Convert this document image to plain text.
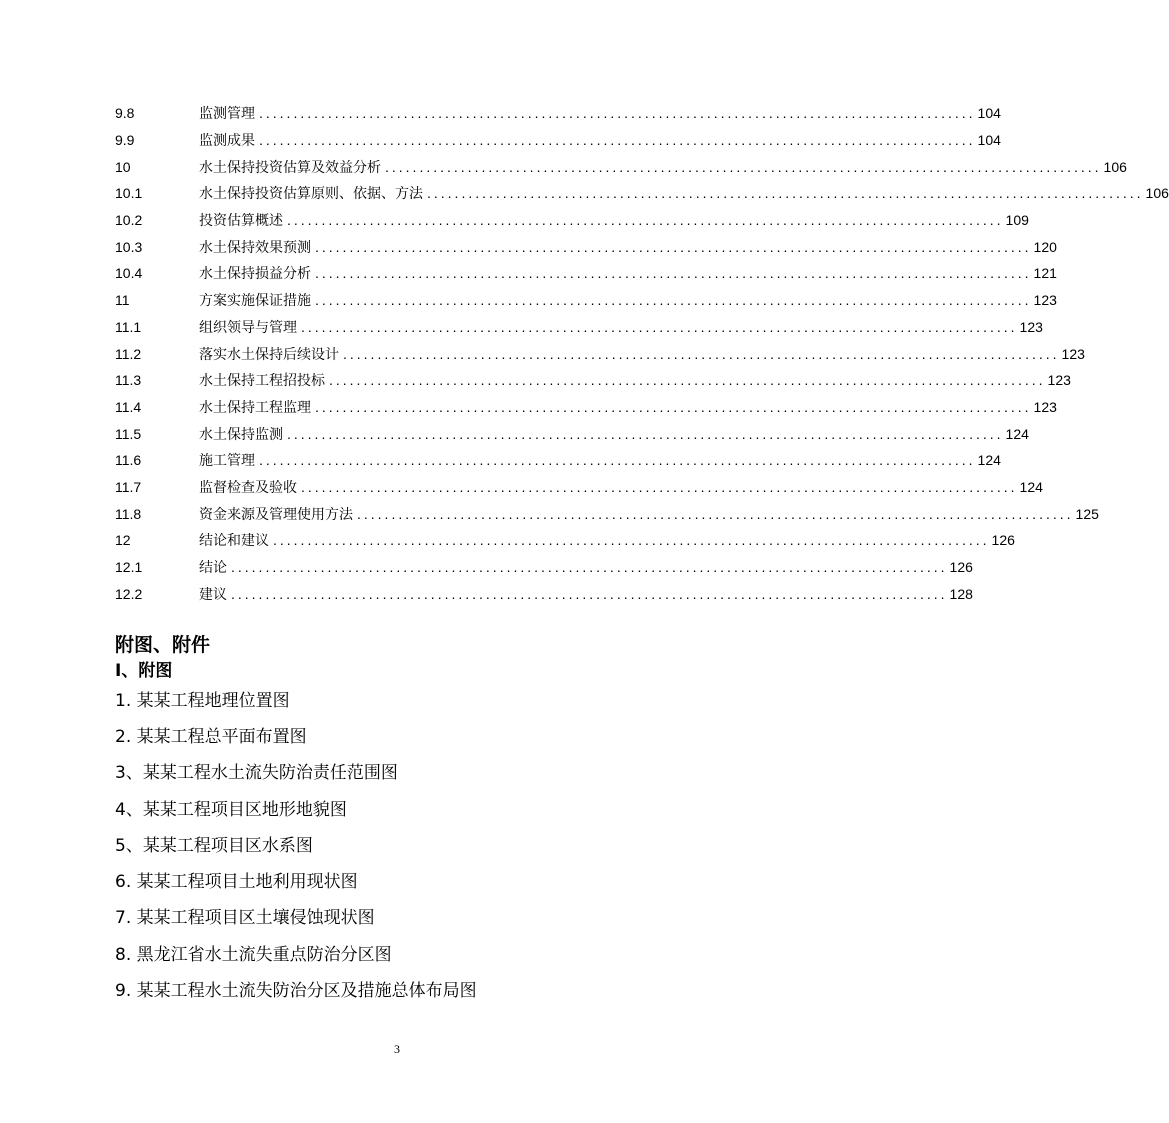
9.8	监测管理 ........................................................................................................ 104
9.9	监测成果 ........................................................................................................ 104
10	水土保持投资估算及效益分析 ........................................................................................................ 106
10.1	水土保持投资估算原则、依据、方法 ........................................................................................................ 106
10.2	投资估算概述 ........................................................................................................ 109
10.3	水土保持效果预测 ........................................................................................................ 120
10.4	水土保持损益分析 ........................................................................................................ 121
11	方案实施保证措施 ........................................................................................................ 123
11.1	组织领导与管理 ........................................................................................................ 123
11.2	落实水土保持后续设计 ........................................................................................................ 123
11.3	水土保持工程招投标 ........................................................................................................ 123
11.4	水土保持工程监理 ........................................................................................................ 123
11.5	水土保持监测 ........................................................................................................ 124
11.6	施工管理 ........................................................................................................ 124
11.7	监督检查及验收 ........................................................................................................ 124
11.8	资金来源及管理使用方法 ........................................................................................................ 125
12	结论和建议 ........................................................................................................ 126
12.1	结论 ........................................................................................................ 126
12.2	建议 ........................................................................................................ 128
附图、附件
I、附图
1. 某某工程地理位置图
2. 某某工程总平面布置图
3、某某工程水土流失防治责任范围图
4、某某工程项目区地形地貌图
5、某某工程项目区水系图
6. 某某工程项目土地利用现状图
7. 某某工程项目区土壤侵蚀现状图
8. 黑龙江省水土流失重点防治分区图
9. 某某工程水土流失防治分区及措施总体布局图
3
